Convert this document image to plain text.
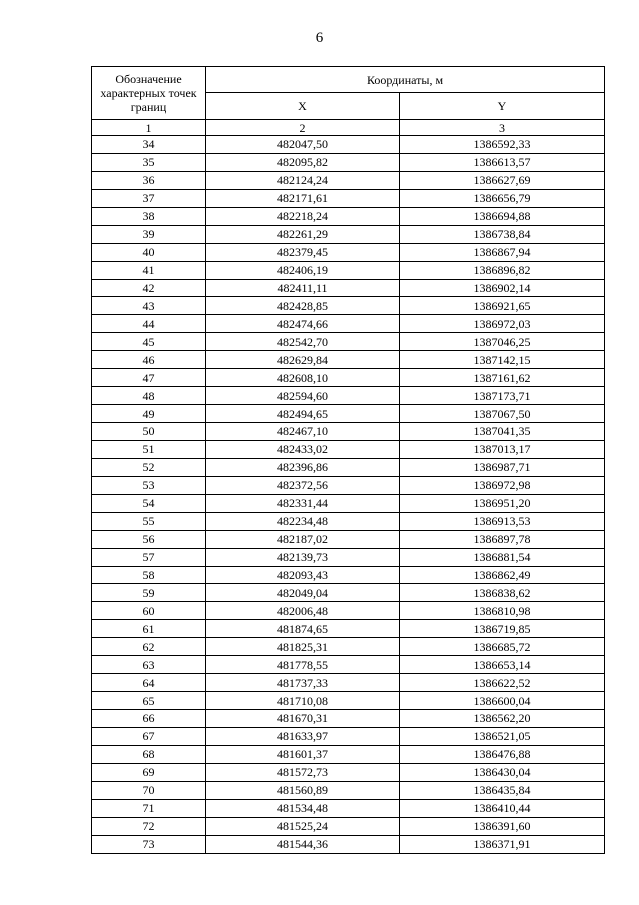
6
Обозначение характерных точек границ	Координаты, м	
	X	Y
1	2	3
34	482047,50	1386592,33
35	482095,82	1386613,57
36	482124,24	1386627,69
37	482171,61	1386656,79
38	482218,24	1386694,88
39	482261,29	1386738,84
40	482379,45	1386867,94
41	482406,19	1386896,82
42	482411,11	1386902,14
43	482428,85	1386921,65
44	482474,66	1386972,03
45	482542,70	1387046,25
46	482629,84	1387142,15
47	482608,10	1387161,62
48	482594,60	1387173,71
49	482494,65	1387067,50
50	482467,10	1387041,35
51	482433,02	1387013,17
52	482396,86	1386987,71
53	482372,56	1386972,98
54	482331,44	1386951,20
55	482234,48	1386913,53
56	482187,02	1386897,78
57	482139,73	1386881,54
58	482093,43	1386862,49
59	482049,04	1386838,62
60	482006,48	1386810,98
61	481874,65	1386719,85
62	481825,31	1386685,72
63	481778,55	1386653,14
64	481737,33	1386622,52
65	481710,08	1386600,04
66	481670,31	1386562,20
67	481633,97	1386521,05
68	481601,37	1386476,88
69	481572,73	1386430,04
70	481560,89	1386435,84
71	481534,48	1386410,44
72	481525,24	1386391,60
73	481544,36	1386371,91
